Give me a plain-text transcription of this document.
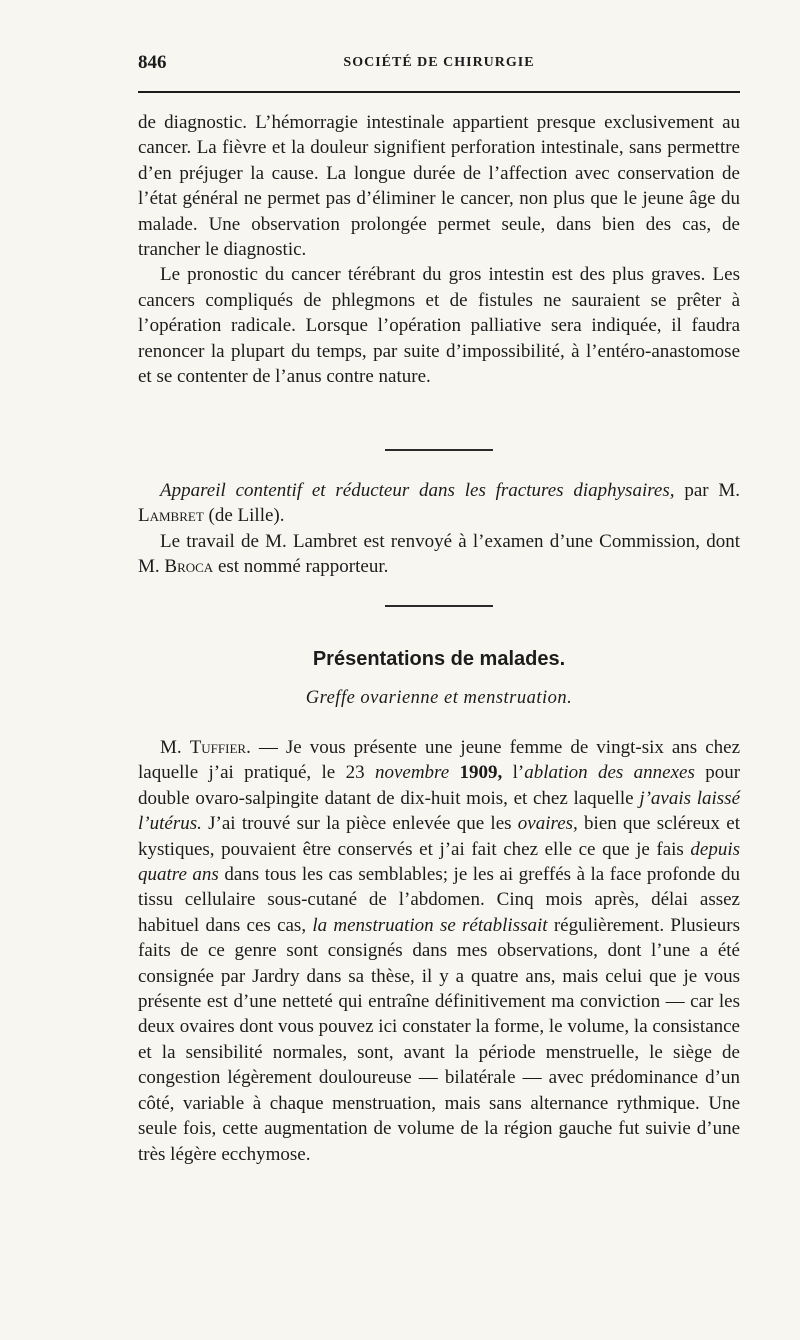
846	SOCIÉTÉ DE CHIRURGIE

de diagnostic. L’hémorragie intestinale appartient presque exclusivement au cancer. La fièvre et la douleur signifient perforation intestinale, sans permettre d’en préjuger la cause. La longue durée de l’affection avec conservation de l’état général ne permet pas d’éliminer le cancer, non plus que le jeune âge du malade. Une observation prolongée permet seule, dans bien des cas, de trancher le diagnostic.

Le pronostic du cancer térébrant du gros intestin est des plus graves. Les cancers compliqués de phlegmons et de fistules ne sauraient se prêter à l’opération radicale. Lorsque l’opération palliative sera indiquée, il faudra renoncer la plupart du temps, par suite d’impossibilité, à l’entéro-anastomose et se contenter de l’anus contre nature.

Appareil contentif et réducteur dans les fractures diaphysaires, par M. Lambret (de Lille).

Le travail de M. Lambret est renvoyé à l’examen d’une Commission, dont M. Broca est nommé rapporteur.

Présentations de malades.
Greffe ovarienne et menstruation.

M. Tuffier. — Je vous présente une jeune femme de vingt-six ans chez laquelle j’ai pratiqué, le 23 novembre 1909, l’ablation des annexes pour double ovaro-salpingite datant de dix-huit mois, et chez laquelle j’avais laissé l’utérus. J’ai trouvé sur la pièce enlevée que les ovaires, bien que scléreux et kystiques, pouvaient être conservés et j’ai fait chez elle ce que je fais depuis quatre ans dans tous les cas semblables; je les ai greffés à la face profonde du tissu cellulaire sous-cutané de l’abdomen. Cinq mois après, délai assez habituel dans ces cas, la menstruation se rétablissait régulièrement. Plusieurs faits de ce genre sont consignés dans mes observations, dont l’une a été consignée par Jardry dans sa thèse, il y a quatre ans, mais celui que je vous présente est d’une netteté qui entraîne définitivement ma conviction — car les deux ovaires dont vous pouvez ici constater la forme, le volume, la consistance et la sensibilité normales, sont, avant la période menstruelle, le siège de congestion légèrement douloureuse — bilatérale — avec prédominance d’un côté, variable à chaque menstruation, mais sans alternance rythmique. Une seule fois, cette augmentation de volume de la région gauche fut suivie d’une très légère ecchymose.
